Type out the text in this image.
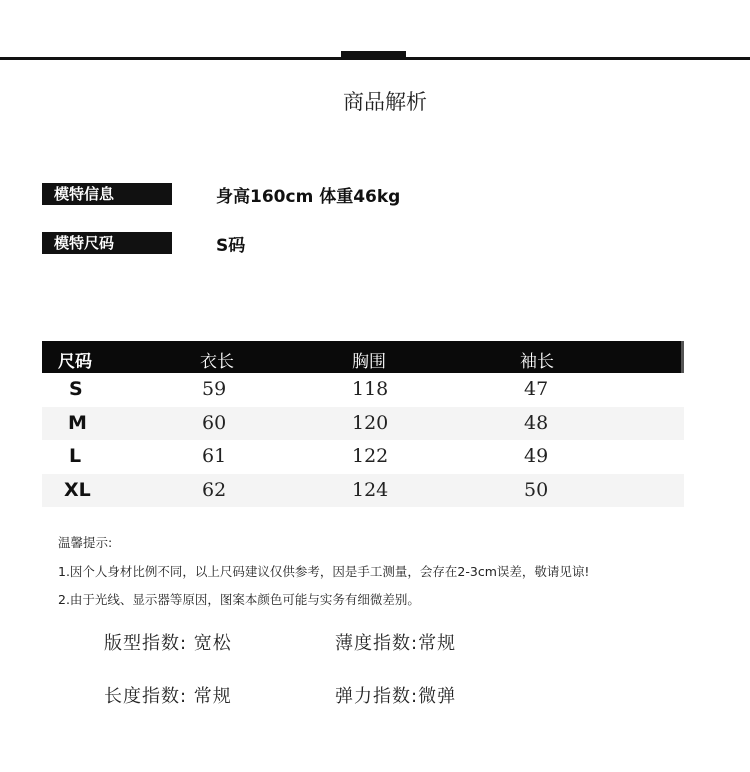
商品解析
模特信息	身高160cm 体重46kg
模特尺码	S码
尺码	衣长	胸围	袖长
S	59	118	47
M	60	120	48
L	61	122	49
XL	62	124	50
温馨提示:
1.因个人身材比例不同，以上尺码建议仅供参考，因是手工测量，会存在2-3cm误差，敬请见谅!
2.由于光线、显示器等原因，图案本颜色可能与实务有细微差别。
版型指数: 宽松	薄度指数:常规
长度指数: 常规	弹力指数:微弹
